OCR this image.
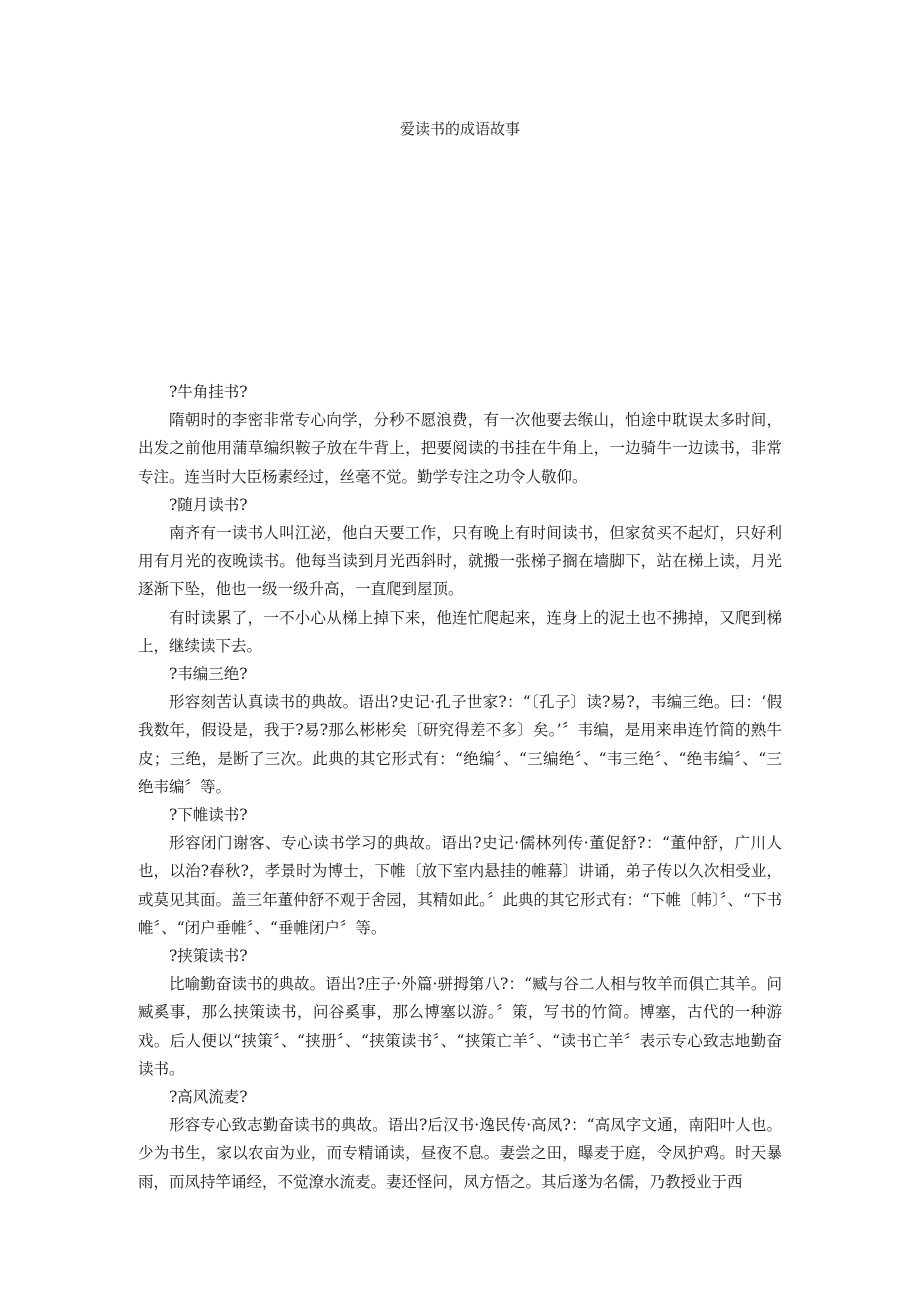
爱读书的成语故事

?牛角挂书?

隋朝时的李密非常专心向学，分秒不愿浪费，有一次他要去缑山，怕途中耽误太多时间，出发之前他用蒲草编织鞍子放在牛背上，把要阅读的书挂在牛角上，一边骑牛一边读书，非常专注。连当时大臣杨素经过，丝毫不觉。勤学专注之功令人敬仰。

?随月读书?

南齐有一读书人叫江泌，他白天要工作，只有晚上有时间读书，但家贫买不起灯，只好利用有月光的夜晚读书。他每当读到月光西斜时，就搬一张梯子搁在墙脚下，站在梯上读，月光逐渐下坠，他也一级一级升高，一直爬到屋顶。

有时读累了，一不小心从梯上掉下来，他连忙爬起来，连身上的泥土也不拂掉，又爬到梯上，继续读下去。

?韦编三绝?

形容刻苦认真读书的典故。语出?史记·孔子世家?：“〔孔子〕读?易?，韦编三绝。曰：‘假我数年，假设是，我于?易?那么彬彬矣〔研究得差不多〕矣。’〞韦编，是用来串连竹简的熟牛皮；三绝，是断了三次。此典的其它形式有：“绝编〞、“三编绝〞、“韦三绝〞、“绝韦编〞、“三绝韦编〞等。

?下帷读书?

形容闭门谢客、专心读书学习的典故。语出?史记·儒林列传·董促舒?：“董仲舒，广川人也，以治?春秋?，孝景时为博士，下帷〔放下室内悬挂的帷幕〕讲诵，弟子传以久次相受业，或莫见其面。盖三年董仲舒不观于舍园，其精如此。〞此典的其它形式有：“下帷〔帏〕〞、“下书帷〞、“闭户垂帷〞、“垂帷闭户〞等。

?挟策读书?

比喻勤奋读书的典故。语出?庄子·外篇·骈拇第八?：“臧与谷二人相与牧羊而俱亡其羊。问臧奚事，那么挟策读书，问谷奚事，那么博塞以游。〞策，写书的竹简。博塞，古代的一种游戏。后人便以“挟策〞、“挟册〞、“挟策读书〞、“挟策亡羊〞、“读书亡羊〞表示专心致志地勤奋读书。

?高风流麦?

形容专心致志勤奋读书的典故。语出?后汉书·逸民传·高凤?：“高凤字文通，南阳叶人也。少为书生，家以农亩为业，而专精诵读，昼夜不息。妻尝之田，曝麦于庭，令凤护鸡。时天暴雨，而凤持竿诵经，不觉潦水流麦。妻还怪问，凤方悟之。其后遂为名儒，乃教授业于西
